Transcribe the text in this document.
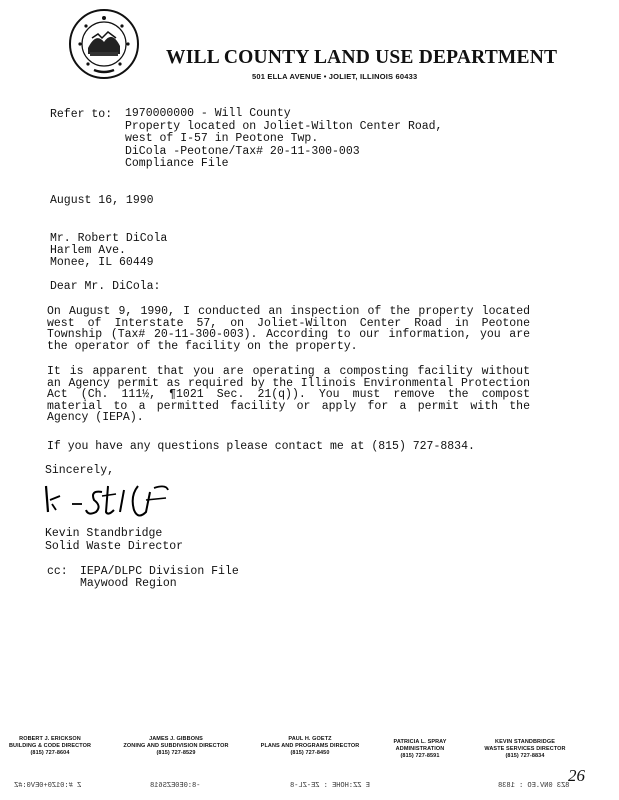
WILL COUNTY LAND USE DEPARTMENT
501 ELLA AVENUE • JOLIET, ILLINOIS 60433
Refer to: 1970000000 - Will County
Property located on Joliet-Wilton Center Road,
west of I-57 in Peotone Twp.
DiCola -Peotone/Tax# 20-11-300-003
Compliance File
August 16, 1990
Mr. Robert DiCola
Harlem Ave.
Monee, IL 60449
Dear Mr. DiCola:
On August 9, 1990, I conducted an inspection of the property located west of Interstate 57, on Joliet-Wilton Center Road in Peotone Township (Tax# 20-11-300-003). According to our information, you are the operator of the facility on the property.
It is apparent that you are operating a composting facility without an Agency permit as required by the Illinois Environmental Protection Act (Ch. 111½, ¶1021 Sec. 21(q)). You must remove the compost material to a permitted facility or apply for a permit with the Agency (IEPA).
If you have any questions please contact me at (815) 727-8834.
Sincerely,
Kevin Standbridge
Solid Waste Director
cc: IEPA/DLPC Division File
Maywood Region
ROBERT J. ERICKSON
BUILDING & CODE DIRECTOR
(815) 727-8604
JAMES J. GIBBONS
ZONING AND SUBDIVISION DIRECTOR
(815) 727-8529
PAUL H. GOETZ
PLANS AND PROGRAMS DIRECTOR
(815) 727-8450
PATRICIA L. SPRAY
ADMINISTRATION
(815) 727-8591
KEVIN STANDBRIDGE
WASTE SERVICES DIRECTOR
(815) 727-8834
26
Z #:01Z0+0EV0:#Z	-8:0E0EZS618	E ZZ:HOHE : ZE-ZL-8	8Z3 0NV.EO : 1838
